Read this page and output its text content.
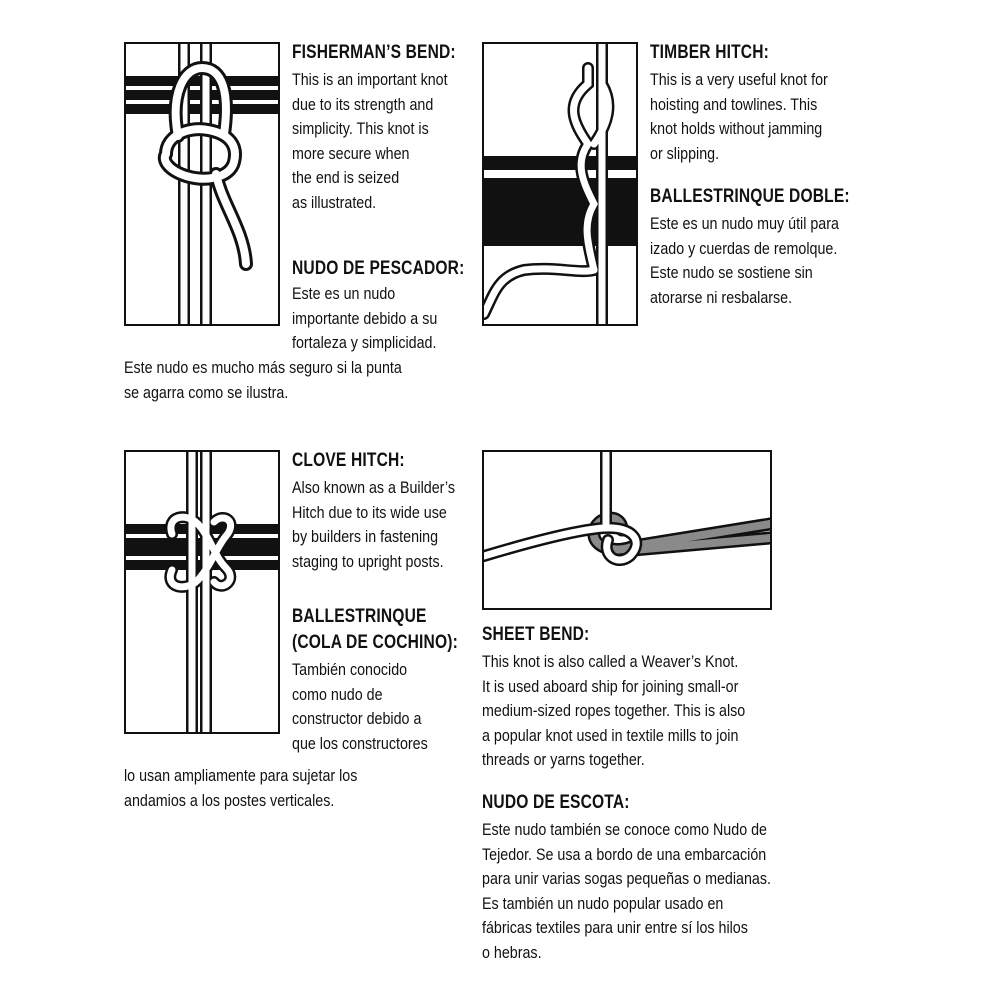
FISHERMAN’S BEND:
This is an important knot
due to its strength and
simplicity. This knot is
more secure when
the end is seized
as illustrated.
NUDO DE PESCADOR:
Este es un nudo
importante debido a su
fortaleza y simplicidad.
Este nudo es mucho más seguro si la punta
se agarra como se ilustra.
TIMBER HITCH:
This is a very useful knot for
hoisting and towlines. This
knot holds without jamming
or slipping.
BALLESTRINQUE DOBLE:
Este es un nudo muy útil para
izado y cuerdas de remolque.
Este nudo se sostiene sin
atorarse ni resbalarse.
CLOVE HITCH:
Also known as a Builder’s
Hitch due to its wide use
by builders in fastening
staging to upright posts.
BALLESTRINQUE
(COLA DE COCHINO):
También conocido
como nudo de
constructor debido a
que los constructores
lo usan ampliamente para sujetar los
andamios a los postes verticales.
SHEET BEND:
This knot is also called a Weaver’s Knot.
It is used aboard ship for joining small-or
medium-sized ropes together. This is also
a popular knot used in textile mills to join
threads or yarns together.
NUDO DE ESCOTA:
Este nudo también se conoce como Nudo de
Tejedor. Se usa a bordo de una embarcación
para unir varias sogas pequeñas o medianas.
Es también un nudo popular usado en
fábricas textiles para unir entre sí los hilos
o hebras.
